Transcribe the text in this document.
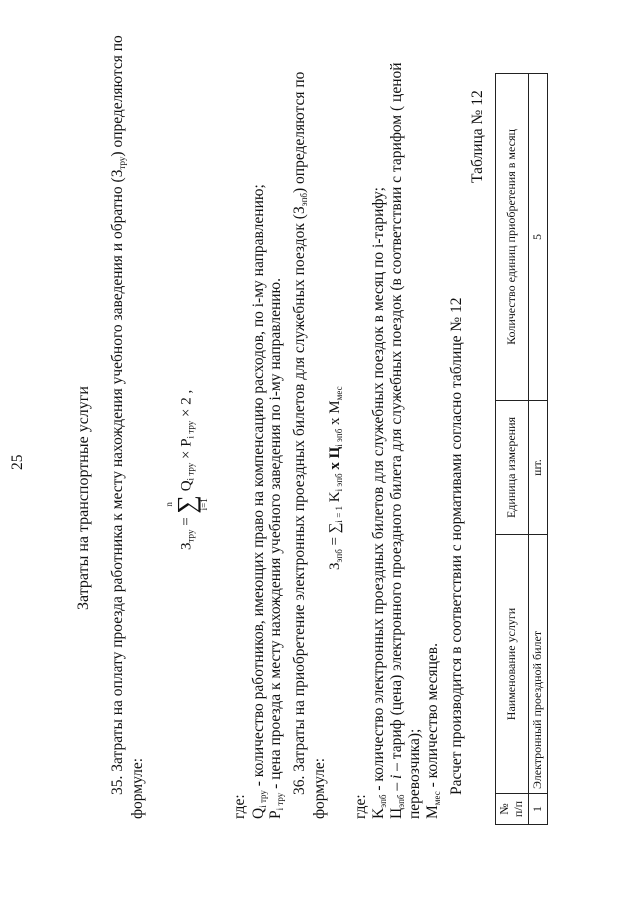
25	Затраты на транспортные услуги 35. Затраты на оплату проезда работника к месту нахождения учебного заведения и обратно $(З_{тру})$ определяются по
формуле:
$З_{тру}$ =
n
∑
i=1
$Q_{i тру} \times P_{i тру} \times 2$ ,
где: $Q_{i тру}$ - количество работников, имеющих право на компенсацию расходов, по i-му направлению;
$P_{i тру}$ - цена проезда к месту нахождения учебного заведения по i-му направлению. 36. Затраты на приобретение электронных проездных билетов для служебных поездок $(З_{эпб})$ определяются по
формуле:
$З_{эпб} = \sum_{i = 1}$ $K_{i эпб}$ x $Ц_{i эпб}$ x $M_{мес}$
где: $K_{эпб}$ - количество электронных проездных билетов для служебных поездок в месяц по i-тарифу;
$Ц_{эпб}$ – i – тариф (цена) электронного проездного билета для служебных поездок (в соответствии с тарифом ( ценой перевозчика); $M_{мес}$ - количество месяцев. Расчет производится в соответствии с нормативами согласно таблице № 12
Таблица № 12
№ п/п	Наименование услуги	Единица измерения	Количество единиц приобретения в месяц
1	Электронный проездной билет	шт.	5
